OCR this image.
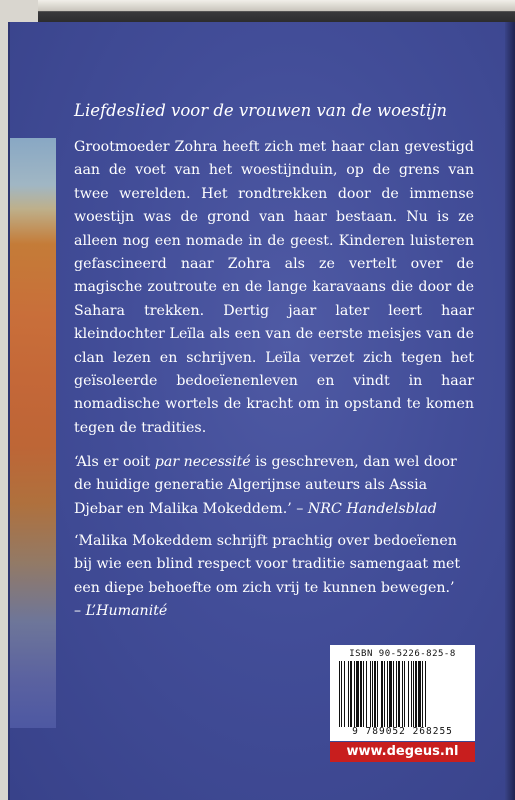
Liefdeslied voor de vrouwen van de woestijn

Grootmoeder Zohra heeft zich met haar clan gevestigd aan de voet van het woestijnduin, op de grens van twee werelden. Het rondtrekken door de immense woestijn was de grond van haar bestaan. Nu is ze alleen nog een nomade in de geest. Kinderen luisteren gefascineerd naar Zohra als ze vertelt over de magische zoutroute en de lange karavaans die door de Sahara trekken. Dertig jaar later leert haar kleindochter Leïla als een van de eerste meisjes van de clan lezen en schrijven. Leïla verzet zich tegen het geïsoleerde bedoeïenenleven en vindt in haar nomadische wortels de kracht om in opstand te komen tegen de tradities.

‘Als er ooit par necessité is geschreven, dan wel door de huidige generatie Algerijnse auteurs als Assia Djebar en Malika Mokeddem.’ – NRC Handelsblad

‘Malika Mokeddem schrijft prachtig over bedoeïenen bij wie een blind respect voor traditie samengaat met een diepe behoefte om zich vrij te kunnen bewegen.’
– L’Humanité

ISBN 90-5226-825-8
9 789052 268255
www.degeus.nl
